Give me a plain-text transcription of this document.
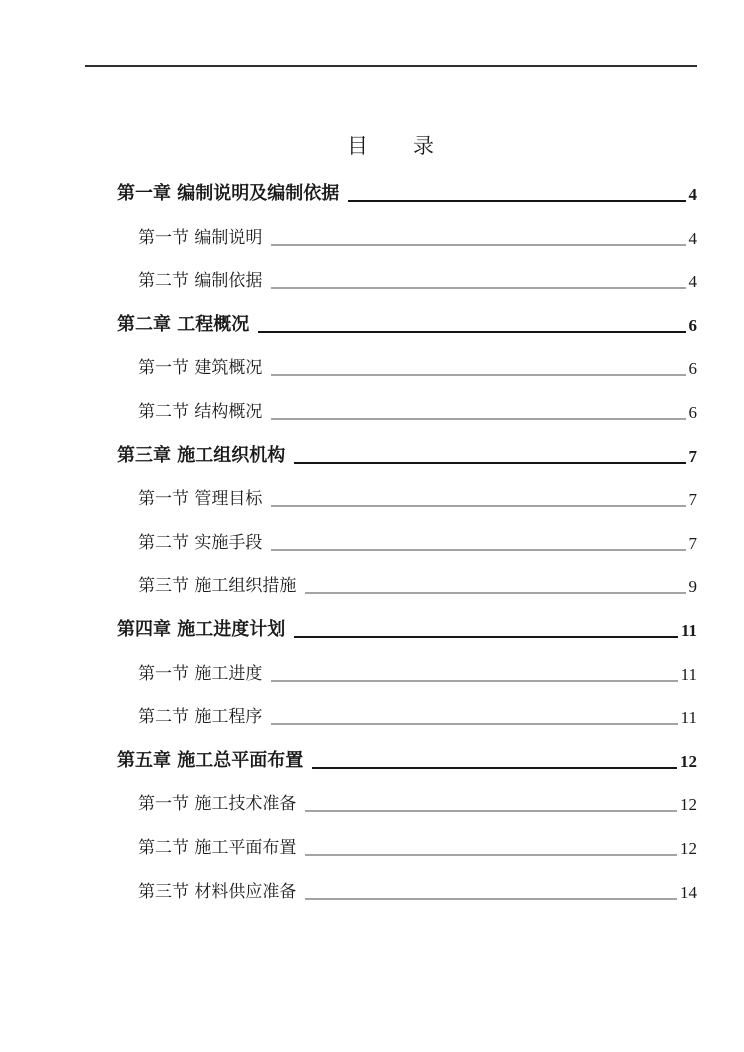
目　　录
第一章 编制说明及编制依据	4
第一节 编制说明	4
第二节 编制依据	4
第二章 工程概况	6
第一节 建筑概况	6
第二节 结构概况	6
第三章 施工组织机构	7
第一节 管理目标	7
第二节 实施手段	7
第三节 施工组织措施	9
第四章 施工进度计划	11
第一节 施工进度	11
第二节 施工程序	11
第五章 施工总平面布置	12
第一节 施工技术准备	12
第二节 施工平面布置	12
第三节 材料供应准备	14
